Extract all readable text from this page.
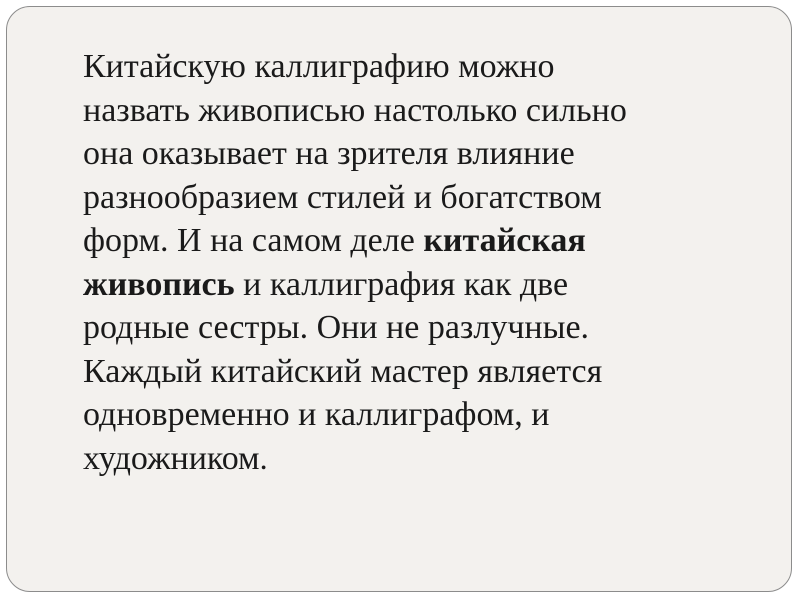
Китайскую каллиграфию можно
назвать живописью настолько сильно
она оказывает на зрителя влияние
разнообразием стилей и богатством
форм. И на самом деле китайская
живопись и каллиграфия как две
родные сестры. Они не разлучные.
Каждый китайский мастер является
одновременно и каллиграфом, и
художником.
